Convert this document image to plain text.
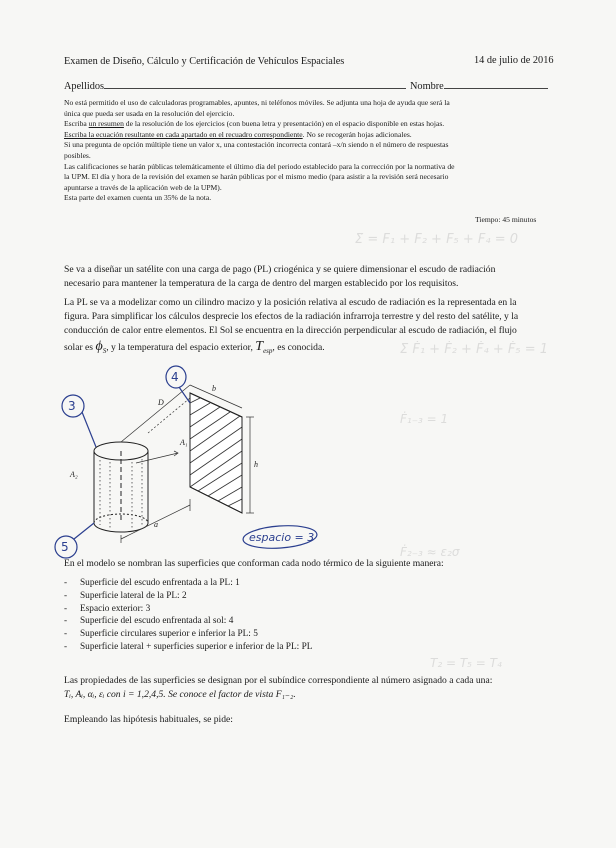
Σ̇ = F₁ + F₂ + F₅ + F₄ = 0
Σ Ḟ₁ + Ḟ₂ + Ḟ₄ + Ḟ₅ = 1
Ḟ₁₋₃ = 1
Ḟ₂₋₃ ≈ ε₂σ
T₂ = T₅ = T₄
Examen de Diseño, Cálculo y Certificación de Vehículos Espaciales	14 de julio de 2016
Apellidos	Nombre
No está permitido el uso de calculadoras programables, apuntes, ni teléfonos móviles. Se adjunta una hoja de ayuda que será la
única que pueda ser usada en la resolución del ejercicio.
Escriba un resumen de la resolución de los ejercicios (con buena letra y presentación) en el espacio disponible en estas hojas.
Escriba la ecuación resultante en cada apartado en el recuadro correspondiente. No se recogerán hojas adicionales.
Si una pregunta de opción múltiple tiene un valor x, una contestación incorrecta contará –x/n siendo n el número de respuestas
posibles.
Las calificaciones se harán públicas telemáticamente el último día del periodo establecido para la corrección por la normativa de
la UPM. El día y hora de la revisión del examen se harán públicas por el mismo medio (para asistir a la revisión será necesario
apuntarse a través de la aplicación web de la UPM).
Esta parte del examen cuenta un 35% de la nota.
Tiempo: 45 minutos
Se va a diseñar un satélite con una carga de pago (PL) criogénica y se quiere dimensionar el escudo de radiación
necesario para mantener la temperatura de la carga de dentro del margen establecido por los requisitos.
La PL se va a modelizar como un cilindro macizo y la posición relativa al escudo de radiación es la representada en la
figura. Para simplificar los cálculos desprecie los efectos de la radiación infrarroja terrestre y del resto del satélite, y la
conducción de calor entre elementos. El Sol se encuentra en la dirección perpendicular al escudo de radiación, el flujo
solar es $\phi_S$, y la temperatura del espacio exterior, $T_{esp}$, es conocida.
3
4
5
espacio = 3
A₁
A₂
b
h
a
D
En el modelo se nombran las superficies que conforman cada nodo térmico de la siguiente manera:
- Superficie del escudo enfrentada a la PL: 1
- Superficie lateral de la PL: 2
- Espacio exterior: 3
- Superficie del escudo enfrentada al sol: 4
- Superficie circulares superior e inferior la PL: 5
- Superficie lateral + superficies superior e inferior de la PL: PL
Las propiedades de las superficies se designan por el subíndice correspondiente al número asignado a cada una:
Tᵢ, Aᵢ, αᵢ, εᵢ con i = 1,2,4,5. Se conoce el factor de vista F₁₋₂.
Empleando las hipótesis habituales, se pide:
